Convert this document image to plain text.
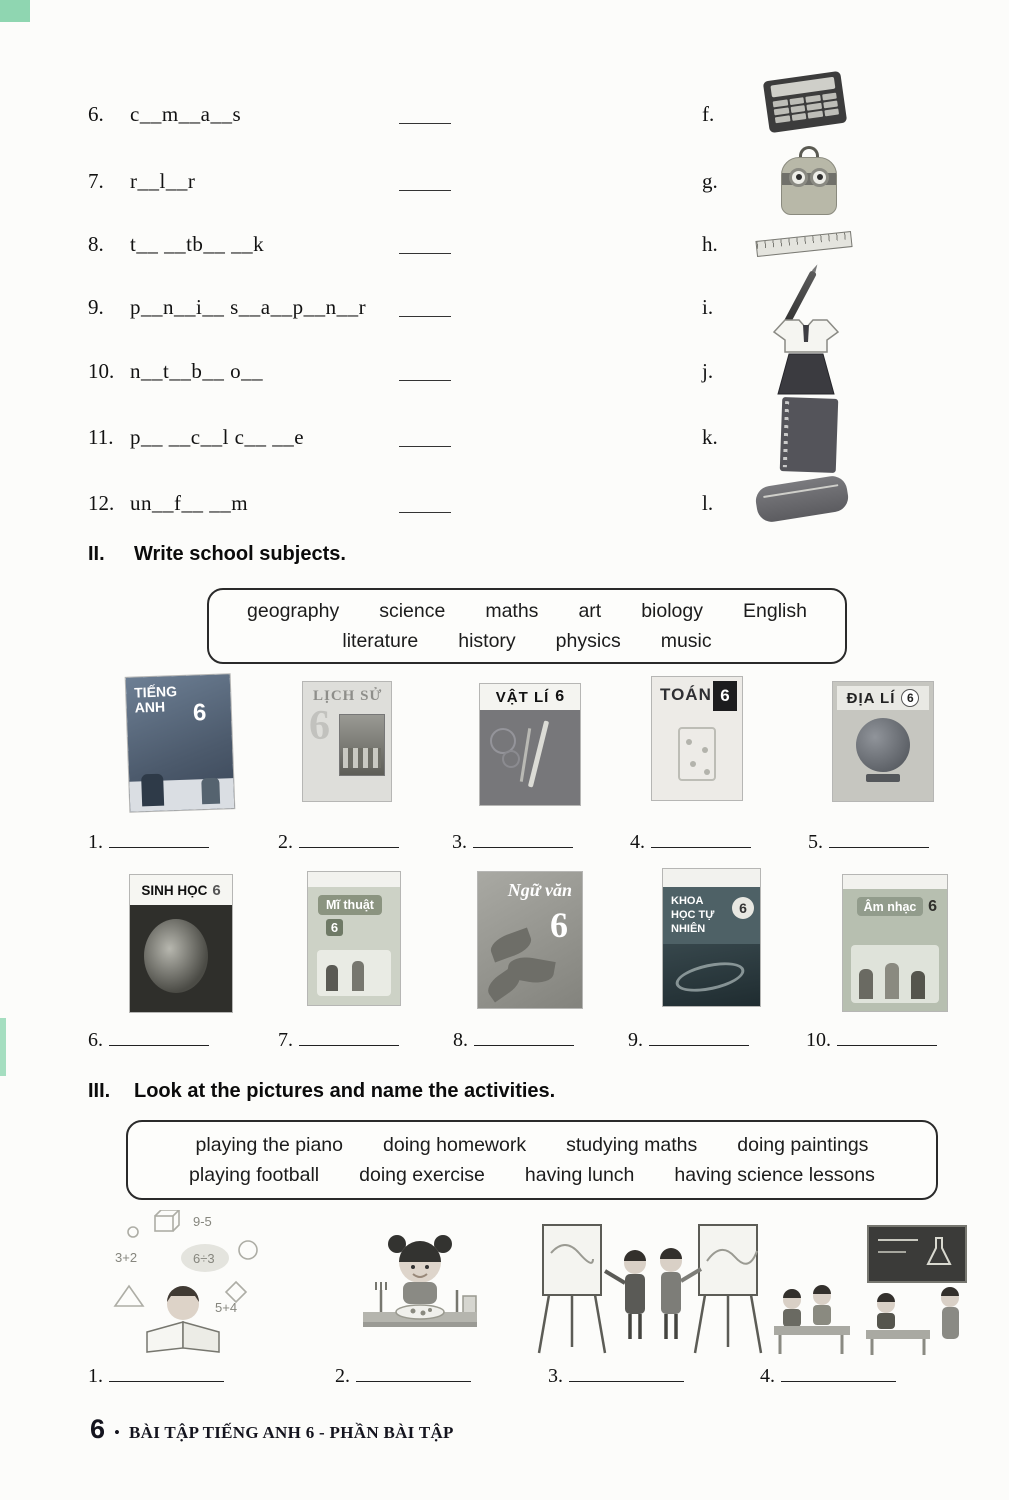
6. c__m__a__s	f.
7. r__l__r	g.
8. t__ __tb__ __k	h.
9. p__n__i__ s__a__p__n__r	i.
10. n__t__b__ o__	j.
11. p__ __c__l c__ __e	k.
12. un__f__ __m	l.
II.	Write school subjects.
geography science maths art biology English
literature history physics music
TIẾNG ANH	6
LỊCH SỬ
6
VẬT LÍ 6	TOÁN 6	ĐỊA LÍ 6
1.	2.	3.	4.	5.
SINH HỌC 6
Mĩ thuật
6
Ngữ văn
6
KHOA HỌC TỰ NHIÊN
6	Âm nhạc 6
6.	7.	8.	9.	10.
III.	Look at the pictures and name the activities.
playing the piano doing homework studying maths doing paintings
playing football doing exercise having lunch having science lessons
9-5
3+2	6÷3
5+4
1.	2.	3.	4.
6 • BÀI TẬP TIẾNG ANH 6 - PHẦN BÀI TẬP
